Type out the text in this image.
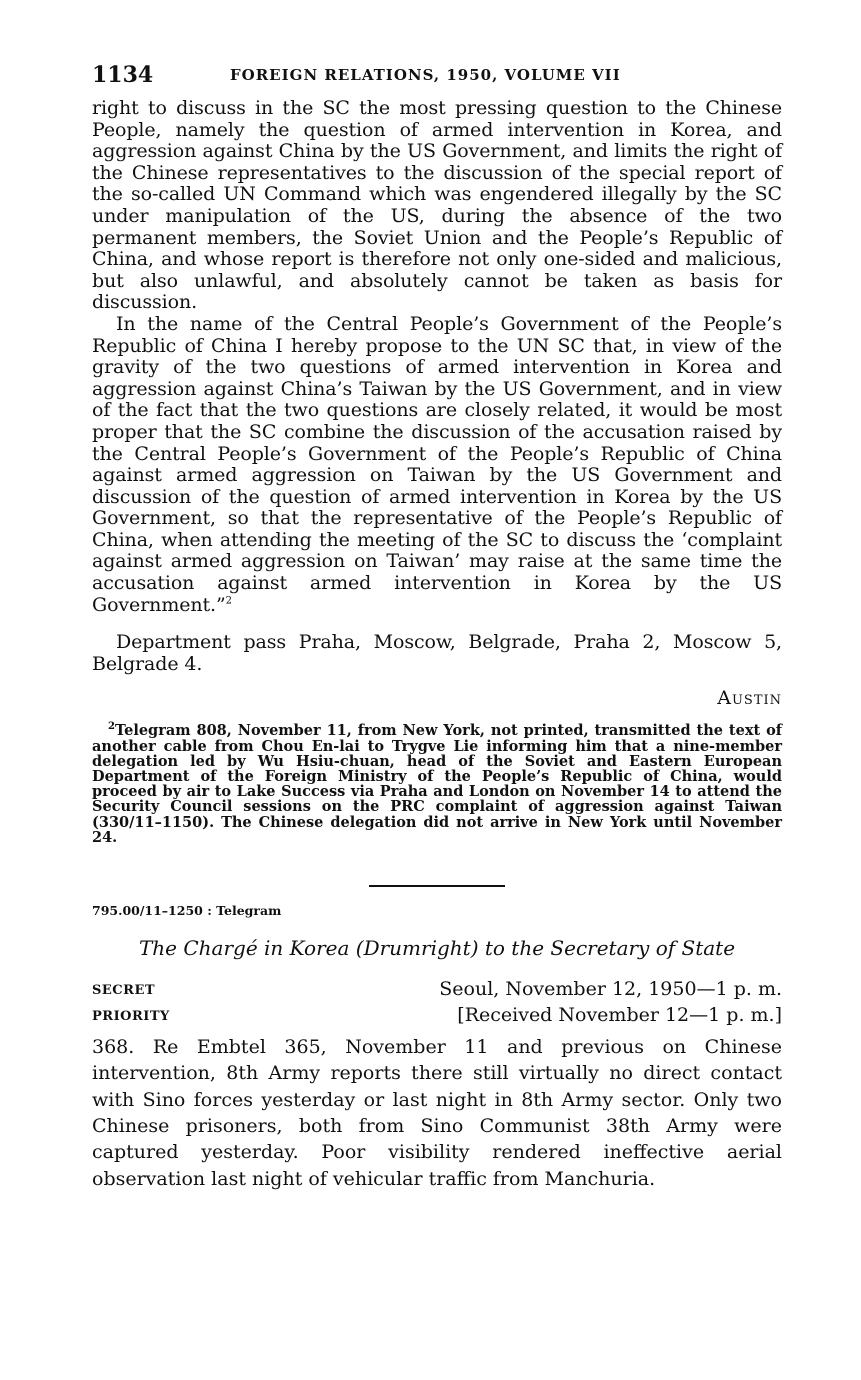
1134	FOREIGN RELATIONS, 1950, VOLUME VII

right to discuss in the SC the most pressing question to the Chinese People, namely the question of armed intervention in Korea, and aggression against China by the US Government, and limits the right of the Chinese representatives to the discussion of the special report of the so-called UN Command which was engendered illegally by the SC under manipulation of the US, during the absence of the two permanent members, the Soviet Union and the People’s Republic of China, and whose report is therefore not only one-sided and malicious, but also unlawful, and absolutely cannot be taken as basis for discussion.

In the name of the Central People’s Government of the People’s Republic of China I hereby propose to the UN SC that, in view of the gravity of the two questions of armed intervention in Korea and aggression against China’s Taiwan by the US Government, and in view of the fact that the two questions are closely related, it would be most proper that the SC combine the discussion of the accusation raised by the Central People’s Government of the People’s Republic of China against armed aggression on Taiwan by the US Government and discussion of the question of armed intervention in Korea by the US Government, so that the representative of the People’s Republic of China, when attending the meeting of the SC to discuss the ‘complaint against armed aggression on Taiwan’ may raise at the same time the accusation against armed intervention in Korea by the US Government.”$^2$

Department pass Praha, Moscow, Belgrade, Praha 2, Moscow 5, Belgrade 4.

Austin
$^2$Telegram 808, November 11, from New York, not printed, transmitted the text of another cable from Chou En-lai to Trygve Lie informing him that a nine-member delegation led by Wu Hsiu-chuan, head of the Soviet and Eastern European Department of the Foreign Ministry of the People’s Republic of China, would proceed by air to Lake Success via Praha and London on November 14 to attend the Security Council sessions on the PRC complaint of aggression against Taiwan (330/11–1150). The Chinese delegation did not arrive in New York until November 24.
795.00/11–1250 : Telegram
The Chargé in Korea (Drumright) to the Secretary of State
SECRET	Seoul, November 12, 1950—1 p. m.
PRIORITY	[Received November 12—1 p. m.]

368. Re Embtel 365, November 11 and previous on Chinese intervention, 8th Army reports there still virtually no direct contact with Sino forces yesterday or last night in 8th Army sector. Only two Chinese prisoners, both from Sino Communist 38th Army were captured yesterday. Poor visibility rendered ineffective aerial observation last night of vehicular traffic from Manchuria.
